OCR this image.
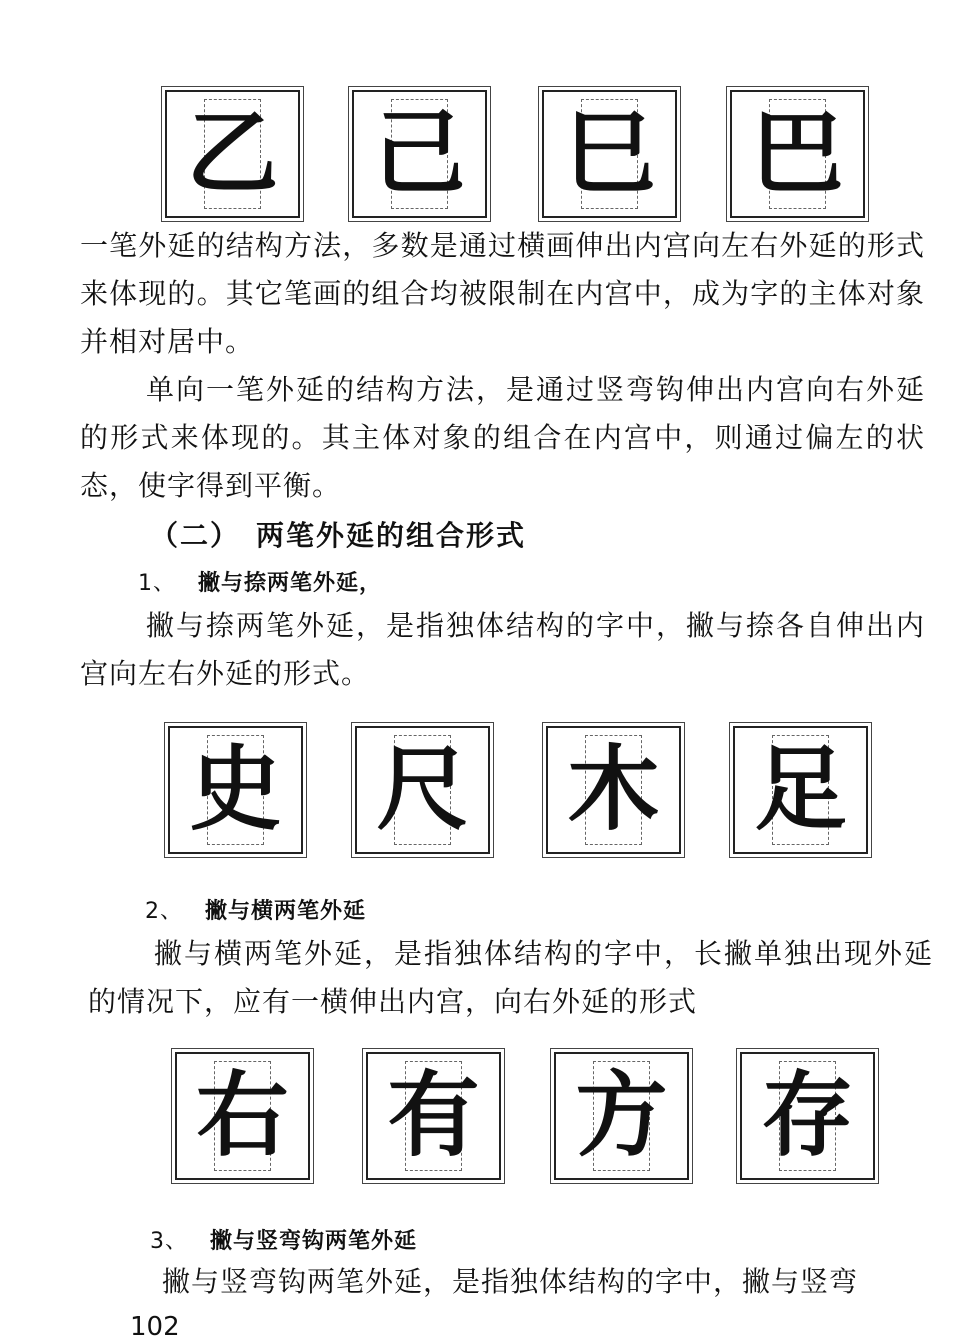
乙 己 巳 巴

一笔外延的结构方法，多数是通过横画伸出内宫向左右外延的形式来体现的。其它笔画的组合均被限制在内宫中，成为字的主体对象并相对居中。

单向一笔外延的结构方法，是通过竖弯钩伸出内宫向右外延的形式来体现的。其主体对象的组合在内宫中，则通过偏左的状态，使字得到平衡。

（二）　两笔外延的组合形式
1、 撇与捺两笔外延，

撇与捺两笔外延，是指独体结构的字中，撇与捺各自伸出内宫向左右外延的形式。

史 尺 木 足
2、 撇与横两笔外延

撇与横两笔外延，是指独体结构的字中，长撇单独出现外延的情况下，应有一横伸出内宫，向右外延的形式

右 有 方 存
3、 撇与竖弯钩两笔外延

撇与竖弯钩两笔外延，是指独体结构的字中，撇与竖弯

102
